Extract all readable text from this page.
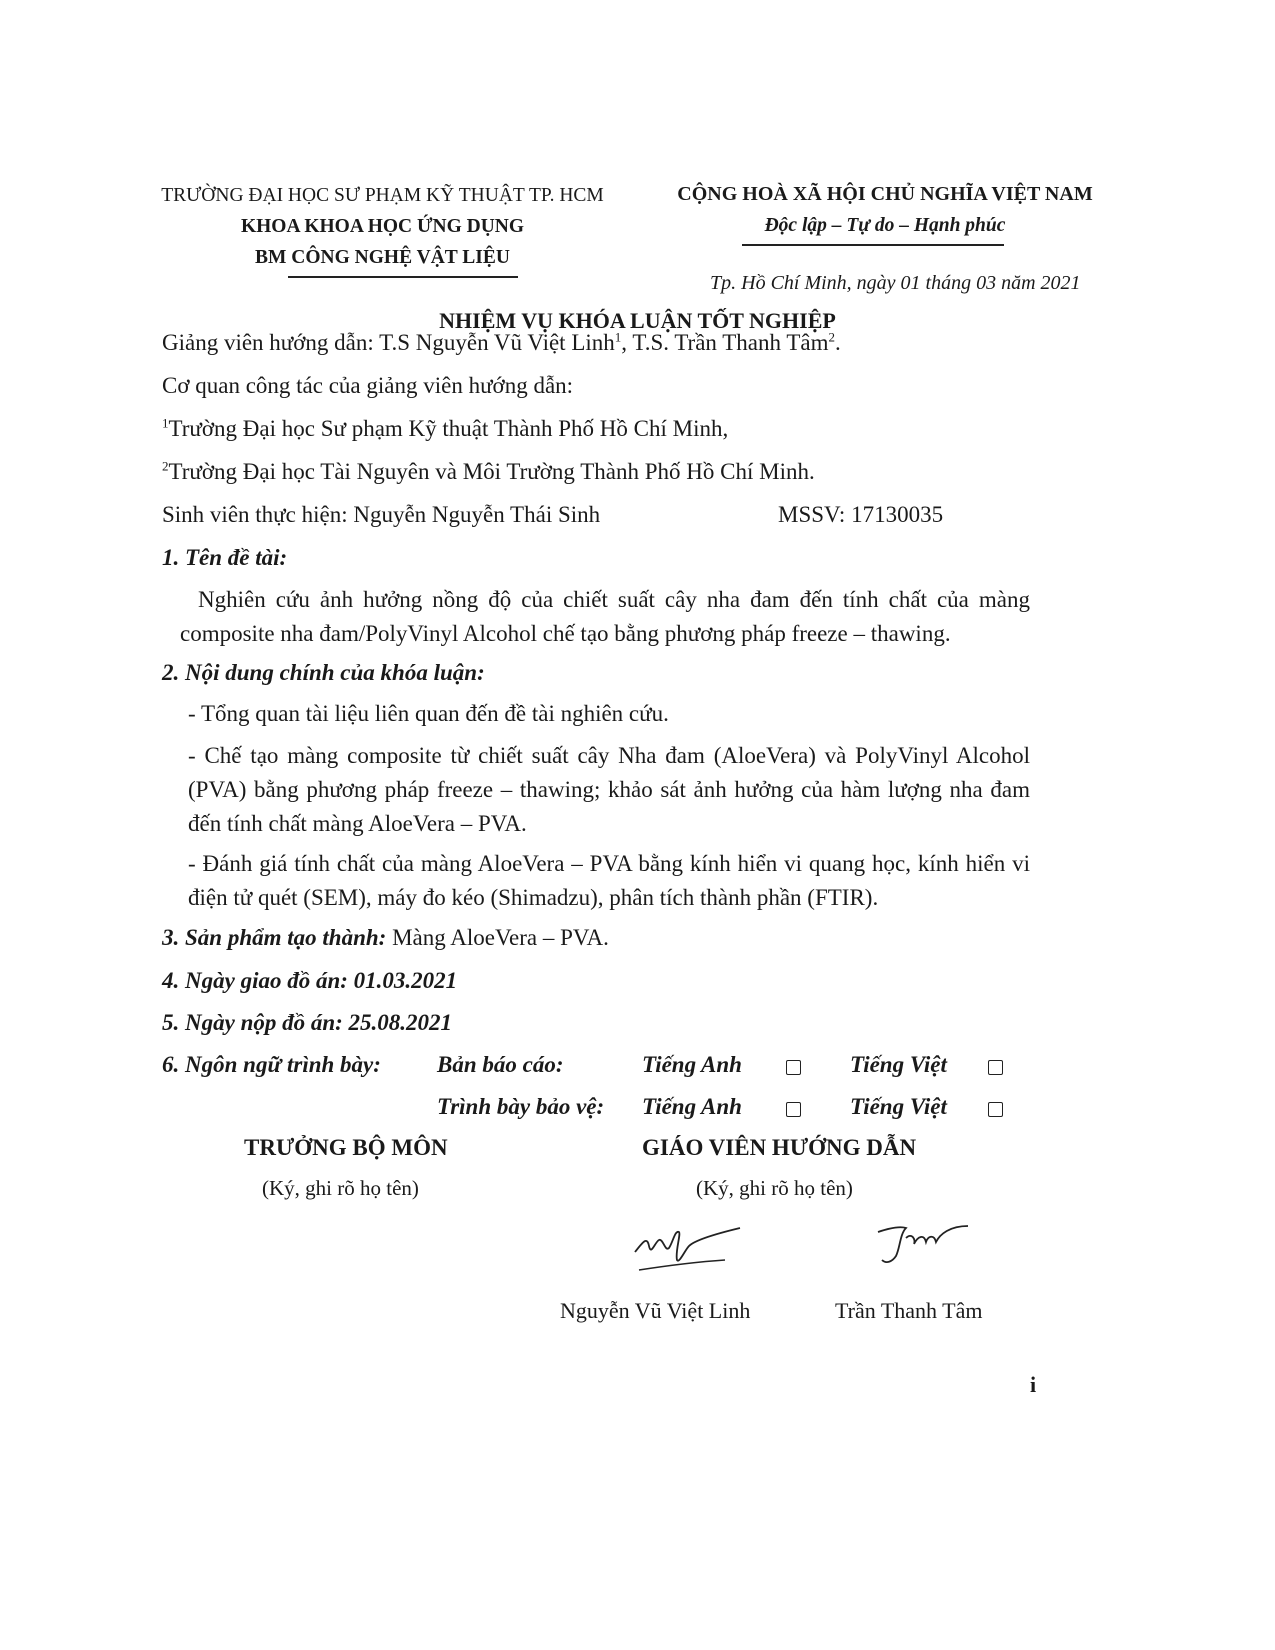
TRƯỜNG ĐẠI HỌC SƯ PHẠM KỸ THUẬT TP. HCM
KHOA KHOA HỌC ỨNG DỤNG
BM CÔNG NGHỆ VẬT LIỆU
CỘNG HOÀ XÃ HỘI CHỦ NGHĨA VIỆT NAM
Độc lập – Tự do – Hạnh phúc
Tp. Hồ Chí Minh, ngày 01 tháng 03 năm 2021
NHIỆM VỤ KHÓA LUẬN TỐT NGHIỆP
Giảng viên hướng dẫn: T.S Nguyễn Vũ Việt Linh$^1$, T.S. Trần Thanh Tâm$^2$.
Cơ quan công tác của giảng viên hướng dẫn:
$^1$Trường Đại học Sư phạm Kỹ thuật Thành Phố Hồ Chí Minh,
$^2$Trường Đại học Tài Nguyên và Môi Trường Thành Phố Hồ Chí Minh.
Sinh viên thực hiện: Nguyễn Nguyễn Thái Sinh	MSSV: 17130035
1. Tên đề tài:
Nghiên cứu ảnh hưởng nồng độ của chiết suất cây nha đam đến tính chất của màng composite nha đam/PolyVinyl Alcohol chế tạo bằng phương pháp freeze – thawing.
2. Nội dung chính của khóa luận:
- Tổng quan tài liệu liên quan đến đề tài nghiên cứu.
- Chế tạo màng composite từ chiết suất cây Nha đam (AloeVera) và PolyVinyl Alcohol (PVA) bằng phương pháp freeze – thawing; khảo sát ảnh hưởng của hàm lượng nha đam đến tính chất màng AloeVera – PVA.
- Đánh giá tính chất của màng AloeVera – PVA bằng kính hiển vi quang học, kính hiển vi điện tử quét (SEM), máy đo kéo (Shimadzu), phân tích thành phần (FTIR).
3. Sản phẩm tạo thành: Màng AloeVera – PVA.
4. Ngày giao đồ án: 01.03.2021
5. Ngày nộp đồ án: 25.08.2021
6. Ngôn ngữ trình bày: Bản báo cáo:	Tiếng Anh	Tiếng Việt
Trình bày bảo vệ: Tiếng Anh	Tiếng Việt
TRƯỞNG BỘ MÔN
(Ký, ghi rõ họ tên)
GIÁO VIÊN HƯỚNG DẪN
(Ký, ghi rõ họ tên)
Nguyễn Vũ Việt Linh	Trần Thanh Tâm
i
